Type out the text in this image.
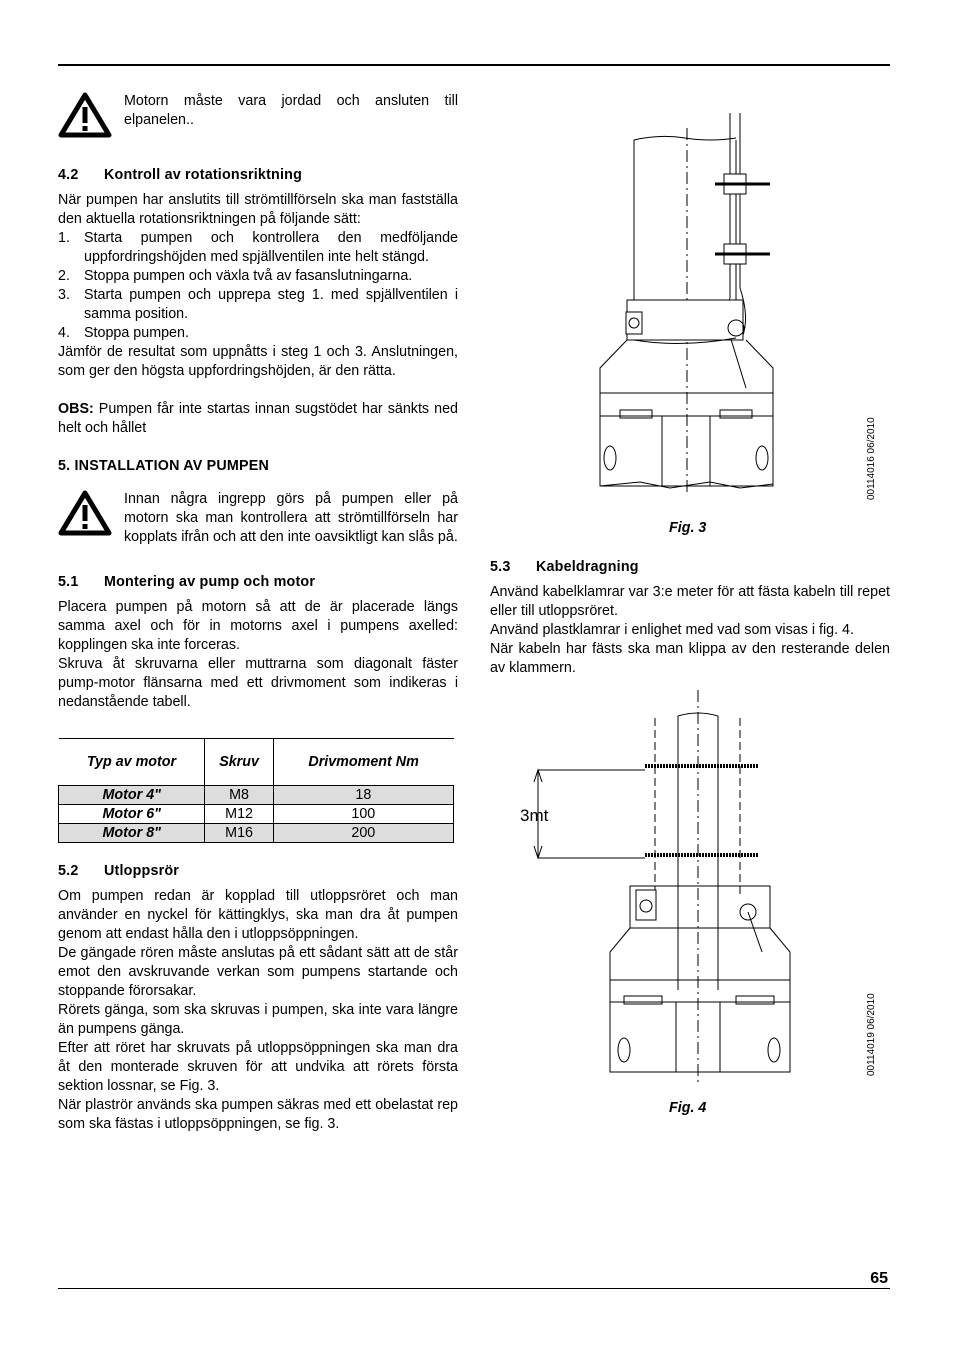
Motorn måste vara jordad och ansluten till elpanelen..

4.2 Kontroll av rotationsriktning

När pumpen har anslutits till strömtillförseln ska man fastställa den aktuella rotationsriktningen på följande sätt:

1. Starta pumpen och kontrollera den medföljande uppfordringshöjden med spjällventilen inte helt stängd.
2. Stoppa pumpen och växla två av fasanslutningarna.
3. Starta pumpen och upprepa steg 1. med spjällventilen i samma position.
4. Stoppa pumpen.

Jämför de resultat som uppnåtts i steg 1 och 3. Anslutningen, som ger den högsta uppfordringshöjden, är den rätta.

OBS: Pumpen får inte startas innan sugstödet har sänkts ned helt och hållet

5. INSTALLATION AV PUMPEN

Innan några ingrepp görs på pumpen eller på motorn ska man kontrollera att strömtillförseln har kopplats ifrån och att den inte oavsiktligt kan slås på.

5.1 Montering av pump och motor

Placera pumpen på motorn så att de är placerade längs samma axel och för in motorns axel i pumpens axelled: kopplingen ska inte forceras.

Skruva åt skruvarna eller muttrarna som diagonalt fäster pump-motor flänsarna med ett drivmoment som indikeras i nedanstående tabell.

Typ av motor	Skruv	Drivmoment Nm
Motor 4"	M8	18
Motor 6"	M12	100
Motor 8"	M16	200
5.2 Utloppsrör

Om pumpen redan är kopplad till utloppsröret och man använder en nyckel för kättingklys, ska man dra åt pumpen genom att endast hålla den i utloppsöppningen.

De gängade rören måste anslutas på ett sådant sätt att de står emot den avskruvande verkan som pumpens startande och stoppande förorsakar.

Rörets gänga, som ska skruvas i pumpen, ska inte vara längre än pumpens gänga.

Efter att röret har skruvats på utloppsöppningen ska man dra åt den monterade skruven för att undvika att rörets första sektion lossnar, se Fig. 3.

När plaströr används ska pumpen säkras med ett obelastat rep som ska fästas i utloppsöppningen, se fig. 3.

Fig. 3
00114016 06/2010
5.3 Kabeldragning

Använd kabelklamrar var 3:e meter för att fästa kabeln till repet eller till utloppsröret.

Använd plastklamrar i enlighet med vad som visas i fig. 4.

När kabeln har fästs ska man klippa av den resterande delen av klammern.

3mt
Fig. 4
00114019 06/2010
65
